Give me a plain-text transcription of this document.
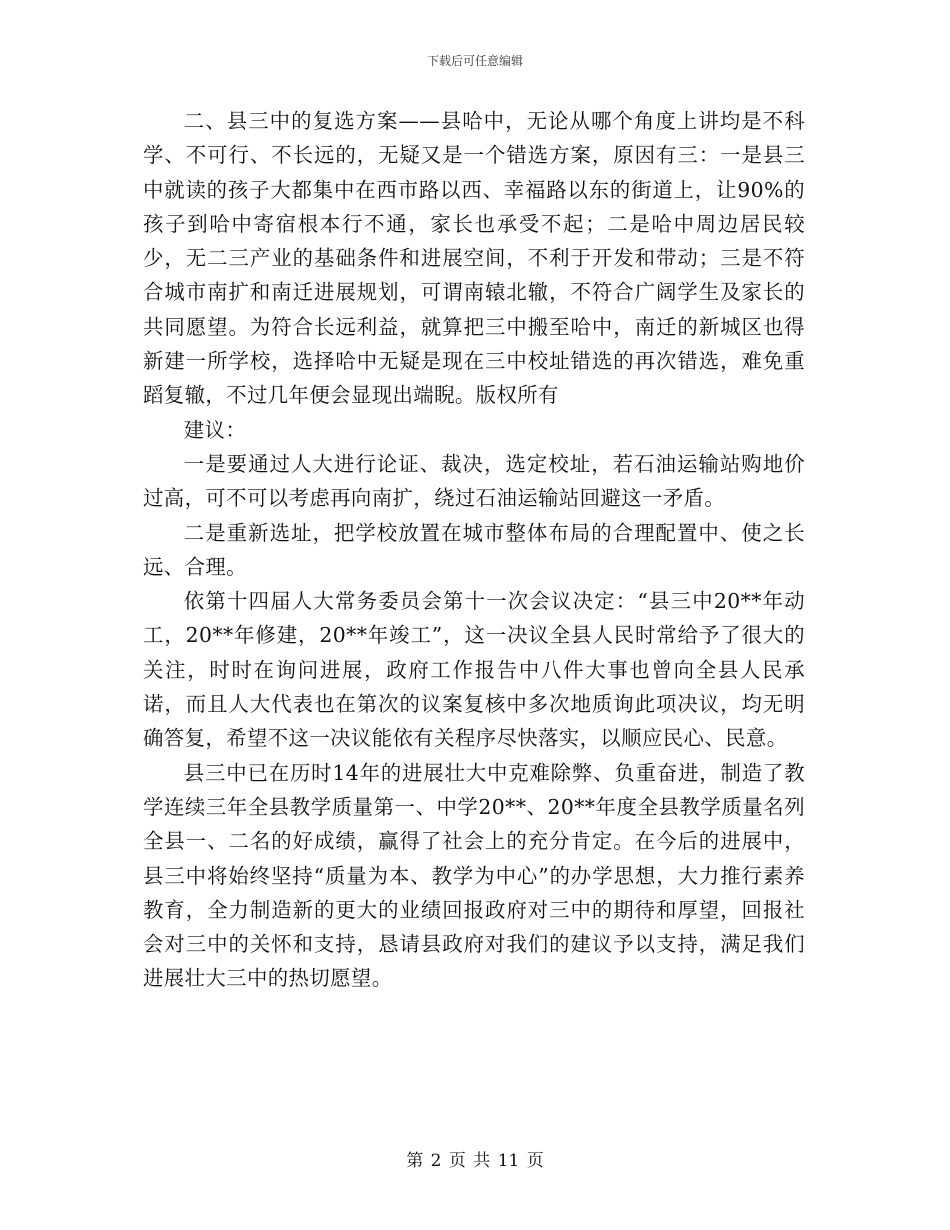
下载后可任意编辑

二、县三中的复选方案——县哈中，无论从哪个角度上讲均是不科学、不可行、不长远的，无疑又是一个错选方案，原因有三：一是县三中就读的孩子大都集中在西市路以西、幸福路以东的街道上，让90%的孩子到哈中寄宿根本行不通，家长也承受不起；二是哈中周边居民较少，无二三产业的基础条件和进展空间，不利于开发和带动；三是不符合城市南扩和南迁进展规划，可谓南辕北辙，不符合广阔学生及家长的共同愿望。为符合长远利益，就算把三中搬至哈中，南迁的新城区也得新建一所学校，选择哈中无疑是现在三中校址错选的再次错选，难免重蹈复辙，不过几年便会显现出端睨。版权所有

建议：

一是要通过人大进行论证、裁决，选定校址，若石油运输站购地价过高，可不可以考虑再向南扩，绕过石油运输站回避这一矛盾。

二是重新选址，把学校放置在城市整体布局的合理配置中、使之长远、合理。

依第十四届人大常务委员会第十一次会议决定：“县三中20**年动工，20**年修建，20**年竣工”，这一决议全县人民时常给予了很大的关注，时时在询问进展，政府工作报告中八件大事也曾向全县人民承诺，而且人大代表也在第次的议案复核中多次地质询此项决议，均无明确答复，希望不这一决议能依有关程序尽快落实，以顺应民心、民意。

县三中已在历时14年的进展壮大中克难除弊、负重奋进，制造了教学连续三年全县教学质量第一、中学20**、20**年度全县教学质量名列全县一、二名的好成绩，赢得了社会上的充分肯定。在今后的进展中，县三中将始终坚持“质量为本、教学为中心”的办学思想，大力推行素养教育，全力制造新的更大的业绩回报政府对三中的期待和厚望，回报社会对三中的关怀和支持，恳请县政府对我们的建议予以支持，满足我们进展壮大三中的热切愿望。

第 2 页 共 11 页
